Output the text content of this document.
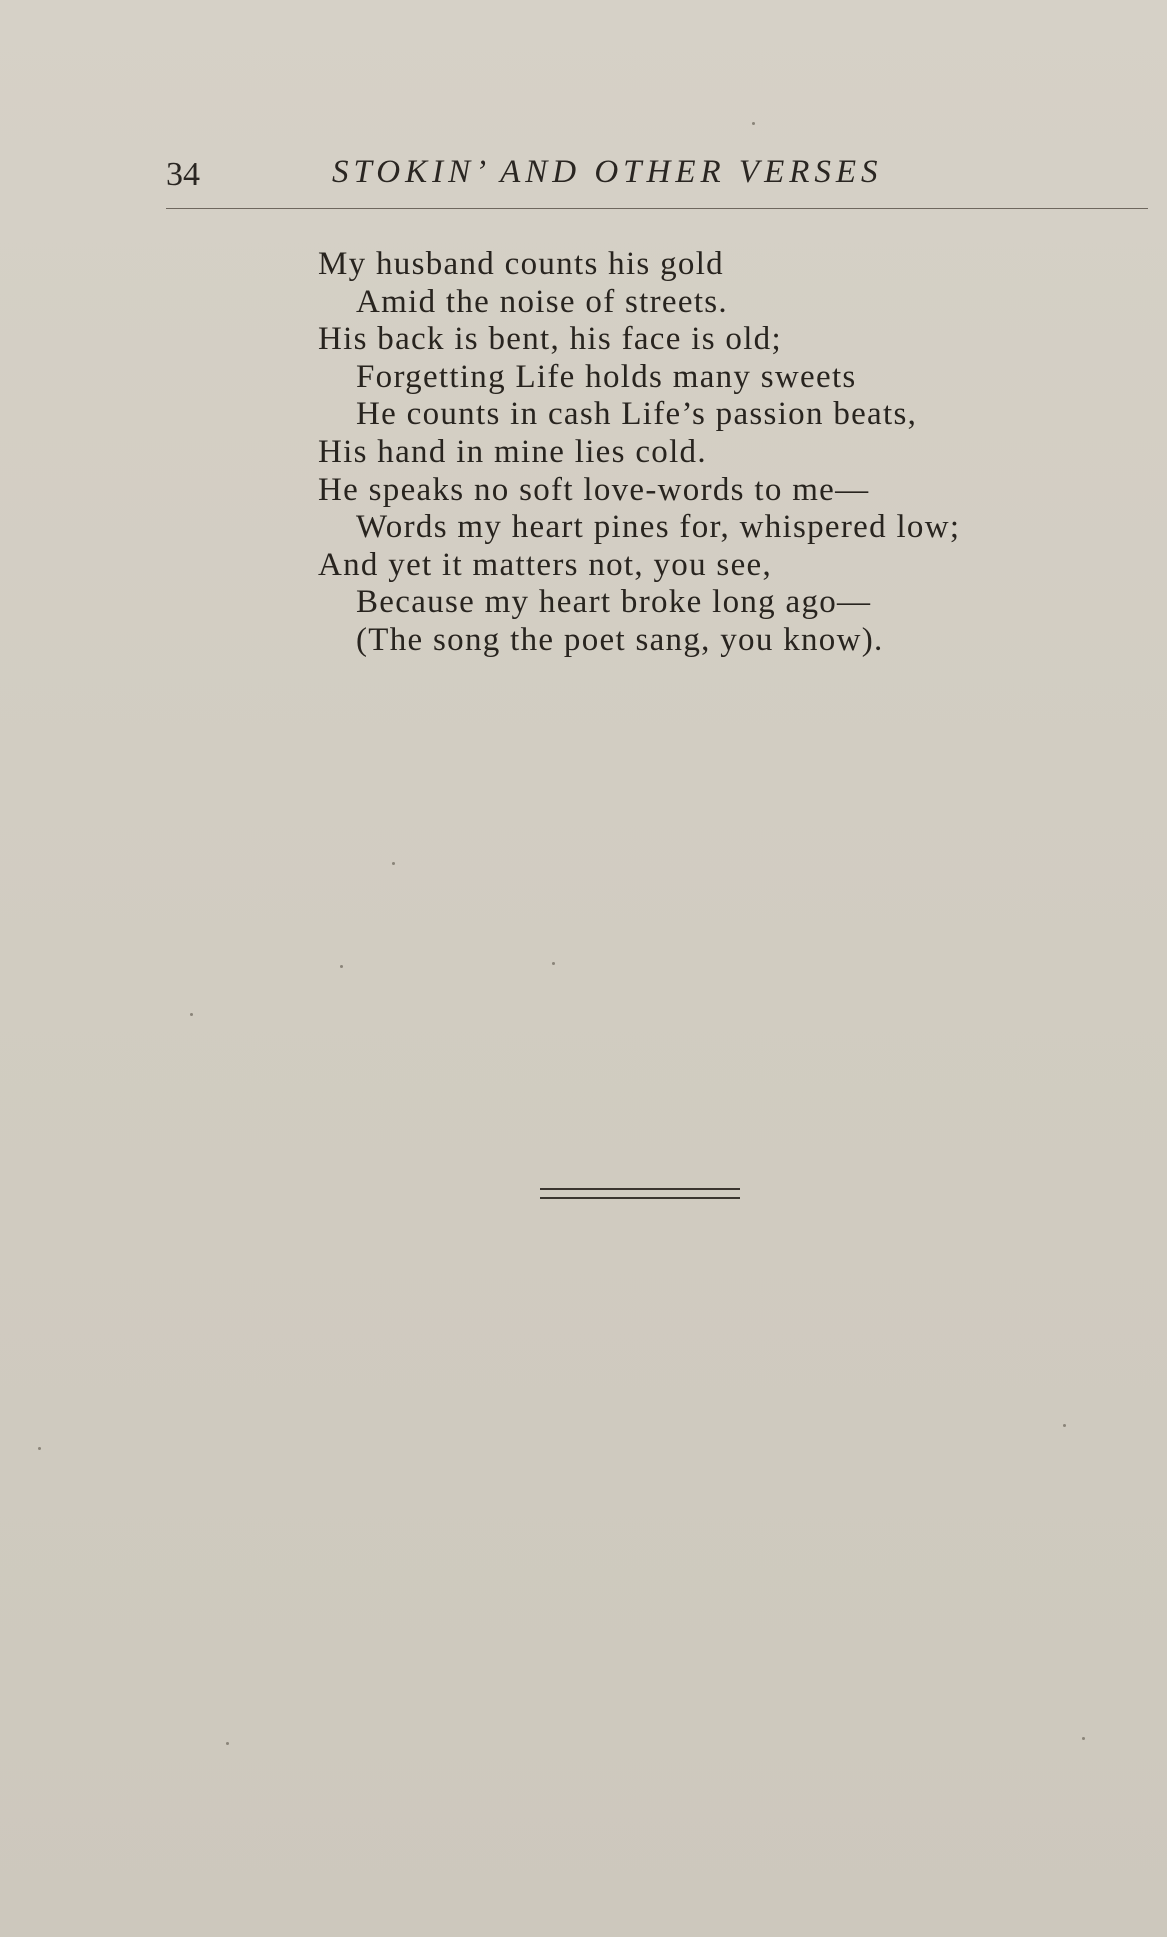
34	STOKIN’ AND OTHER VERSES
My husband counts his gold
Amid the noise of streets.
His back is bent, his face is old;
Forgetting Life holds many sweets
He counts in cash Life’s passion beats,
His hand in mine lies cold.
He speaks no soft love-words to me—
Words my heart pines for, whispered low;
And yet it matters not, you see,
Because my heart broke long ago—
(The song the poet sang, you know).
